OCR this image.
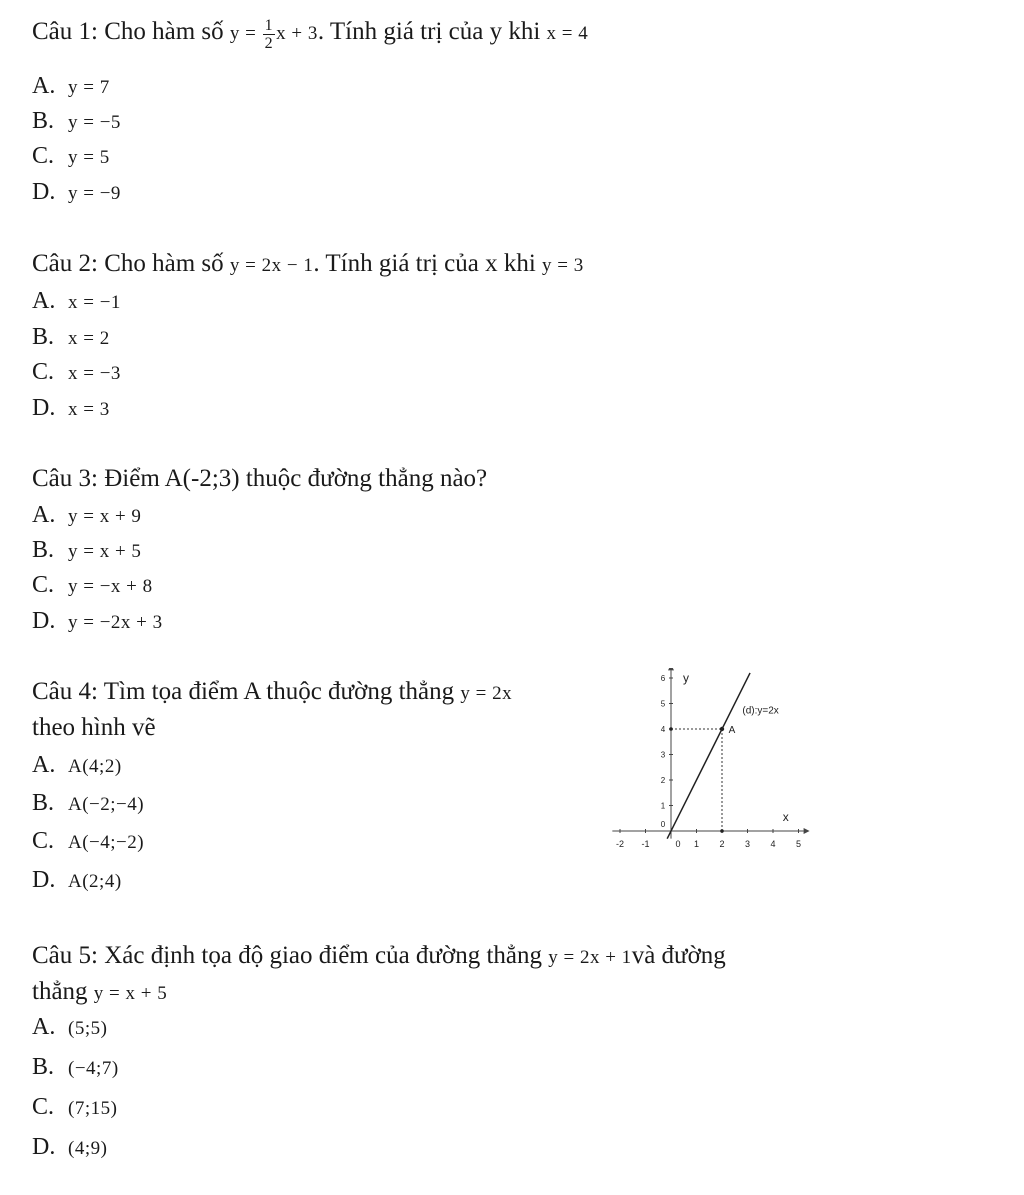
Câu 1: Cho hàm số $y = \frac{1}{2}$ x + 3. Tính giá trị của y khi x = 4
A. y = 7
B. y = −5
C. y = 5
D. y = −9
Câu 2: Cho hàm số y = 2x − 1. Tính giá trị của x khi y = 3
A. x = −1
B. x = 2
C. x = −3
D. x = 3
Câu 3: Điểm A(-2;3) thuộc đường thẳng nào?
A. y = x + 9
B. y = x + 5
C. y = −x + 8
D. y = −2x + 3
Câu 4: Tìm tọa điểm A thuộc đường thẳng y = 2x
theo hình vẽ
A. A(4;2)
B. A(−2;−4)
C. A(−4;−2)
D. A(2;4)
-2 -1	1 2 3 4 5
0
0
1
2
3
4
5
6
x
y
A
(d):y=2x
Câu 5: Xác định tọa độ giao điểm của đường thẳng y = 2x + 1và đường
thẳng y = x + 5
A. (5;5)
B. (−4;7)
C. (7;15)
D. (4;9)
